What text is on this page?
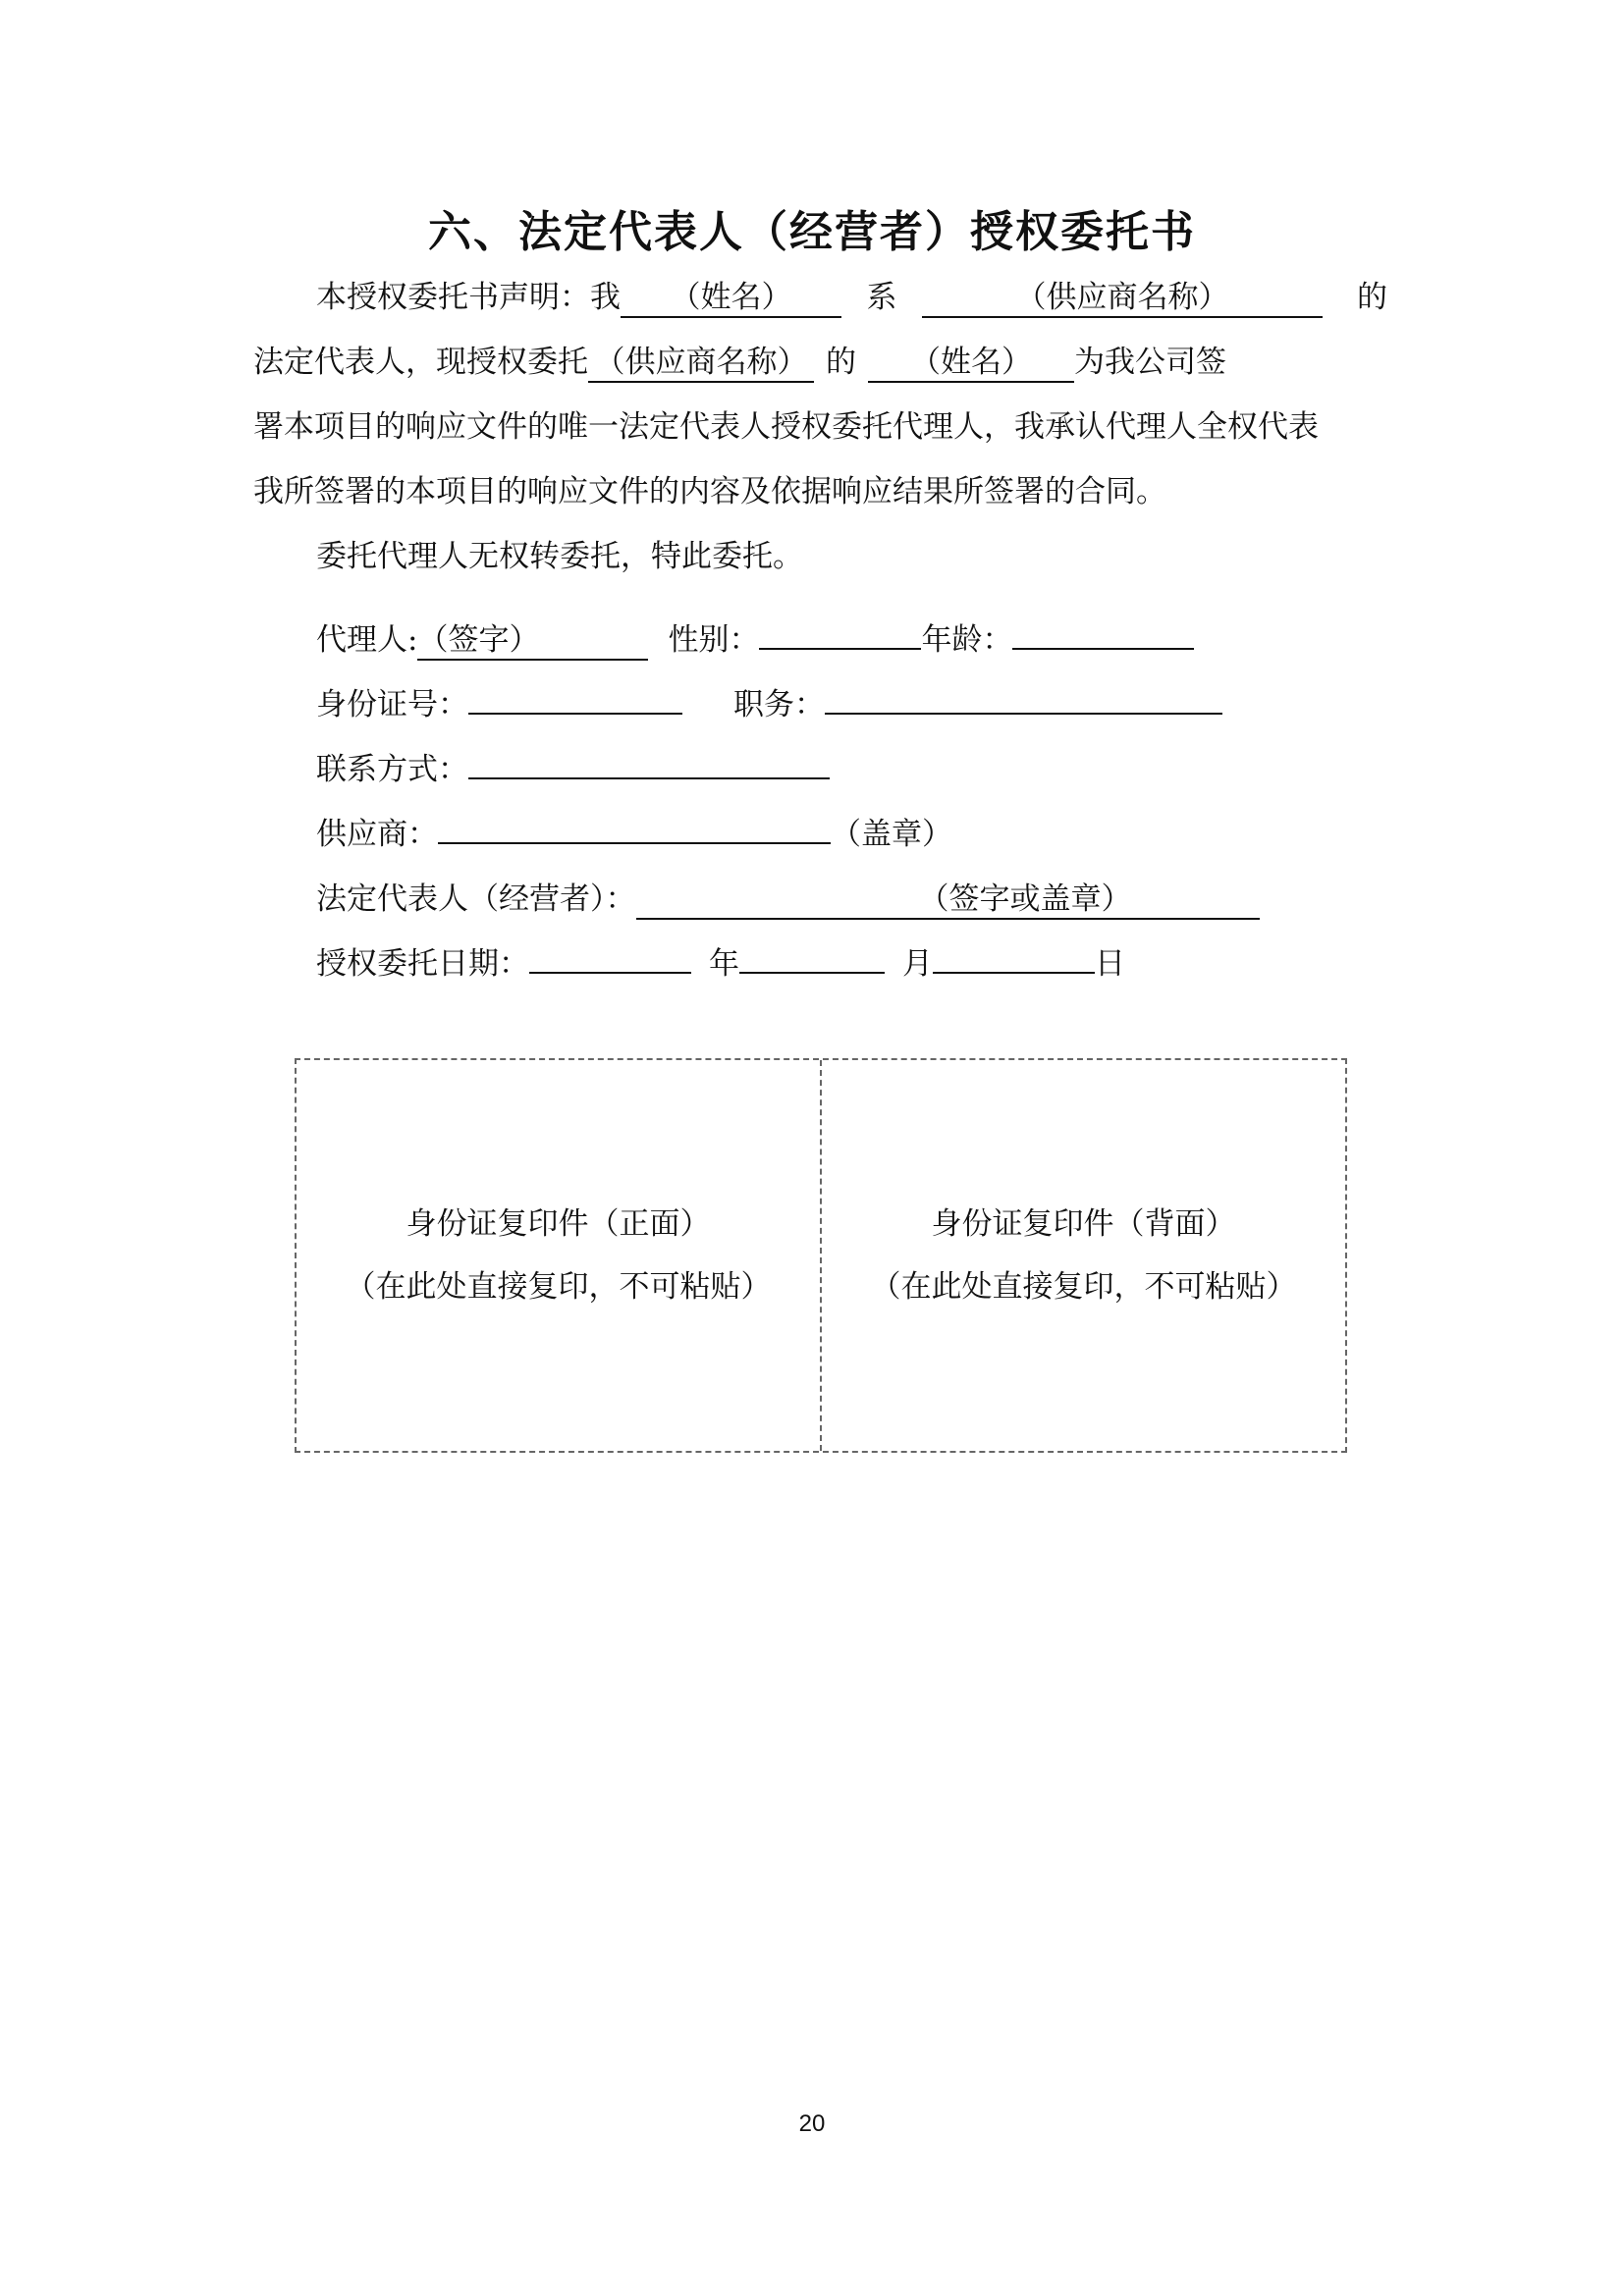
六、法定代表人（经营者）授权委托书
本授权委托书声明：我 （姓名） 系	（供应商名称）	的
法定代表人，现授权委托 （供应商名称） 的 （姓名） 为我公司签
署本项目的响应文件的唯一法定代表人授权委托代理人，我承认代理人全权代表
我所签署的本项目的响应文件的内容及依据响应结果所签署的合同。
委托代理人无权转委托，特此委托。
代理人:（签字）	性别：	年龄：
身份证号：	职务：
联系方式：
供应商：	（盖章）
法定代表人（经营者）：	（签字或盖章）
授权委托日期：	年	月	日
身份证复印件（正面）
（在此处直接复印，不可粘贴）
身份证复印件（背面）
（在此处直接复印，不可粘贴）
20
